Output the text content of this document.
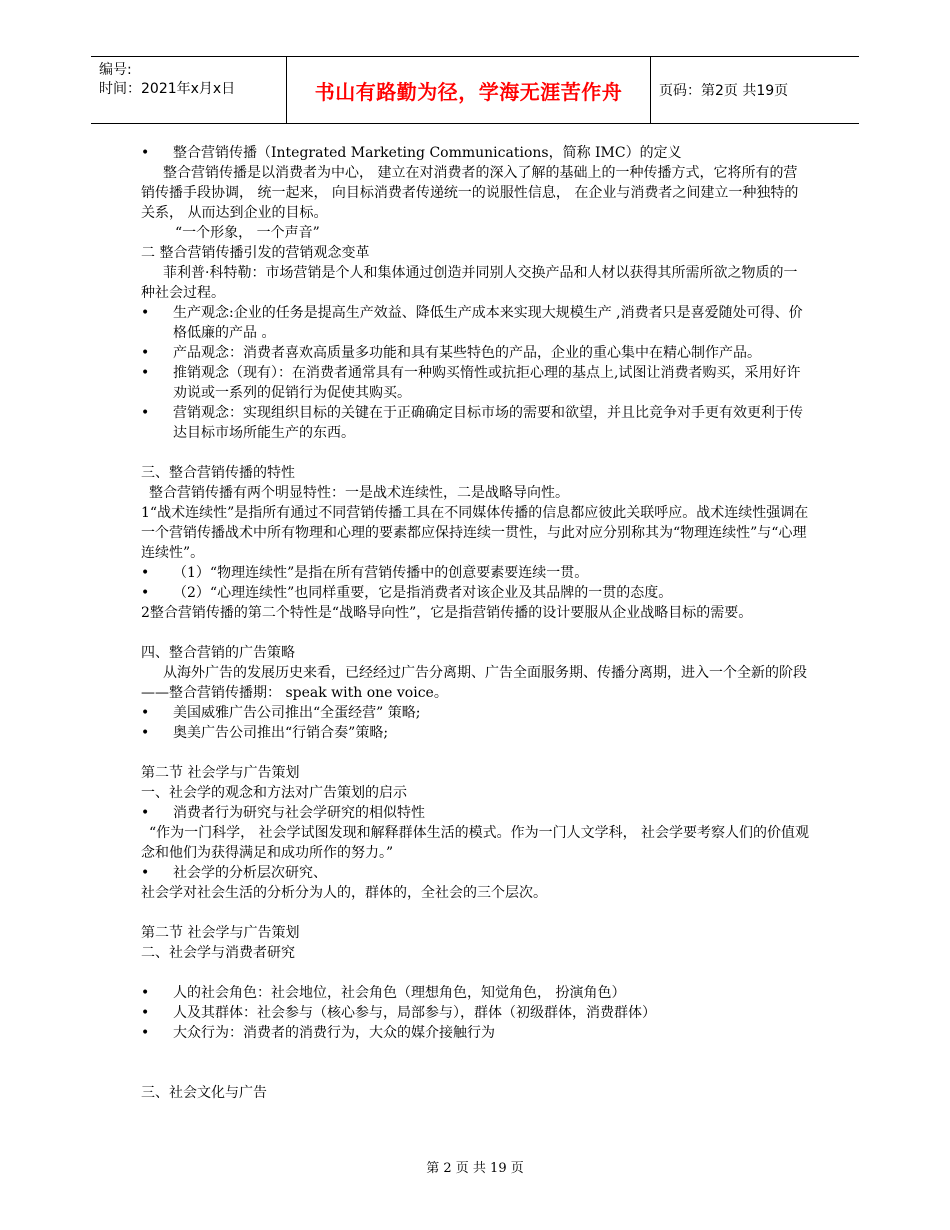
编号:
时间：2021年x月x日	书山有路勤为径，学海无涯苦作舟	页码：第2页 共19页

• 整合营销传播（Integrated Marketing Communications，简称 IMC）的定义

整合营销传播是以消费者为中心， 建立在对消费者的深入了解的基础上的一种传播方式，它将所有的营销传播手段协调， 统一起来， 向目标消费者传递统一的说服性信息， 在企业与消费者之间建立一种独特的关系， 从而达到企业的目标。

“一个形象， 一个声音”

二 整合营销传播引发的营销观念变革

菲利普·科特勒：市场营销是个人和集体通过创造并同别人交换产品和人材以获得其所需所欲之物质的一种社会过程。

• 生产观念:企业的任务是提高生产效益、降低生产成本来实现大规模生产 ,消费者只是喜爱随处可得、价格低廉的产品 。

• 产品观念：消费者喜欢高质量多功能和具有某些特色的产品，企业的重心集中在精心制作产品。

• 推销观念（现有）：在消费者通常具有一种购买惰性或抗拒心理的基点上,试图让消费者购买，采用好许劝说或一系列的促销行为促使其购买。

• 营销观念：实现组织目标的关键在于正确确定目标市场的需要和欲望，并且比竞争对手更有效更利于传达目标市场所能生产的东西。

三、整合营销传播的特性

整合营销传播有两个明显特性：一是战术连续性，二是战略导向性。

1“战术连续性”是指所有通过不同营销传播工具在不同媒体传播的信息都应彼此关联呼应。战术连续性强调在一个营销传播战术中所有物理和心理的要素都应保持连续一贯性，与此对应分别称其为“物理连续性”与“心理连续性”。

• （1）“物理连续性”是指在所有营销传播中的创意要素要连续一贯。

• （2）“心理连续性”也同样重要，它是指消费者对该企业及其品牌的一贯的态度。

2整合营销传播的第二个特性是“战略导向性”，它是指营销传播的设计要服从企业战略目标的需要。

四、整合营销的广告策略

从海外广告的发展历史来看，已经经过广告分离期、广告全面服务期、传播分离期，进入一个全新的阶段——整合营销传播期： speak with one voice。

• 美国威雅广告公司推出“全蛋经营” 策略;

• 奥美广告公司推出“行销合奏”策略;

第二节 社会学与广告策划

一、社会学的观念和方法对广告策划的启示

• 消费者行为研究与社会学研究的相似特性

“作为一门科学， 社会学试图发现和解释群体生活的模式。作为一门人文学科， 社会学要考察人们的价值观念和他们为获得满足和成功所作的努力。”

• 社会学的分析层次研究、

社会学对社会生活的分析分为人的，群体的，全社会的三个层次。

第二节 社会学与广告策划

二、社会学与消费者研究

• 人的社会角色：社会地位，社会角色（理想角色，知觉角色， 扮演角色）

• 人及其群体：社会参与（核心参与，局部参与），群体（初级群体，消费群体）

• 大众行为：消费者的消费行为，大众的媒介接触行为

三、社会文化与广告

第 2 页 共 19 页
